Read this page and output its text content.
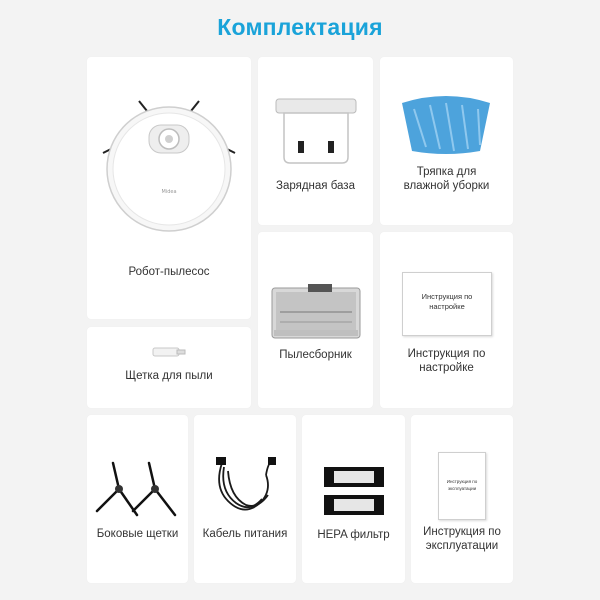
Комплектация
Midea
Робот-пылесос
Зарядная база
Тряпка для
влажной уборки
Пылесборник
Инструкция по
настройке
Инструкция по
настройке
Щетка для пыли
Боковые щетки	Кабель питания	HEPA фильтр
Инструкция по
эксплуатации
Инструкция по
эксплуатации
